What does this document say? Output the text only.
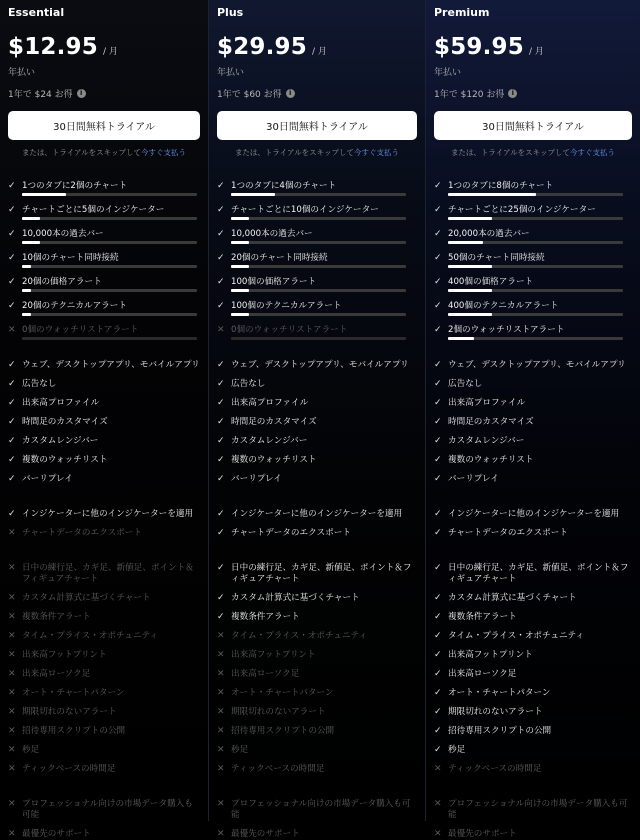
Essential
$12.95 / 月
年払い
1年で $24 お得	i
30日間無料トライアル
または、トライアルをスキップして今すぐ支払う
✓ 1つのタブに2個のチャート
✓ チャートごとに5個のインジケーター
✓ 10,000本の過去バー
✓ 10個のチャート同時接続
✓ 20個の価格アラート
✓ 20個のテクニカルアラート
✕ 0個のウォッチリストアラート
✓ ウェブ、デスクトップアプリ、モバイルアプリ
✓ 広告なし
✓ 出来高プロファイル
✓ 時間足のカスタマイズ
✓ カスタムレンジバー
✓ 複数のウォッチリスト
✓ バーリプレイ
✓ インジケーターに他のインジケーターを適用
✕ チャートデータのエクスポート
✕ 日中の練行足、カギ足、新値足、ポイント＆フィギュアチャート
✕ カスタム計算式に基づくチャート
✕ 複数条件アラート
✕ タイム・プライス・オポチュニティ
✕ 出来高フットプリント
✕ 出来高ローソク足
✕ オート・チャートパターン
✕ 期限切れのないアラート
✕ 招待専用スクリプトの公開
✕ 秒足
✕ ティックベースの時間足
✕ プロフェッショナル向けの市場データ購入も可能
✕ 最優先のサポート
Plus
$29.95 / 月
年払い
1年で $60 お得	i
30日間無料トライアル
または、トライアルをスキップして今すぐ支払う
✓ 1つのタブに4個のチャート
✓ チャートごとに10個のインジケーター
✓ 10,000本の過去バー
✓ 20個のチャート同時接続
✓ 100個の価格アラート
✓ 100個のテクニカルアラート
✕ 0個のウォッチリストアラート
✓ ウェブ、デスクトップアプリ、モバイルアプリ
✓ 広告なし
✓ 出来高プロファイル
✓ 時間足のカスタマイズ
✓ カスタムレンジバー
✓ 複数のウォッチリスト
✓ バーリプレイ
✓ インジケーターに他のインジケーターを適用
✓ チャートデータのエクスポート
✓ 日中の練行足、カギ足、新値足、ポイント＆フィギュアチャート
✓ カスタム計算式に基づくチャート
✓ 複数条件アラート
✕ タイム・プライス・オポチュニティ
✕ 出来高フットプリント
✕ 出来高ローソク足
✕ オート・チャートパターン
✕ 期限切れのないアラート
✕ 招待専用スクリプトの公開
✕ 秒足
✕ ティックベースの時間足
✕ プロフェッショナル向けの市場データ購入も可能
✕ 最優先のサポート
Premium
$59.95 / 月
年払い
1年で $120 お得	i
30日間無料トライアル
または、トライアルをスキップして今すぐ支払う
✓ 1つのタブに8個のチャート
✓ チャートごとに25個のインジケーター
✓ 20,000本の過去バー
✓ 50個のチャート同時接続
✓ 400個の価格アラート
✓ 400個のテクニカルアラート
✓ 2個のウォッチリストアラート
✓ ウェブ、デスクトップアプリ、モバイルアプリ
✓ 広告なし
✓ 出来高プロファイル
✓ 時間足のカスタマイズ
✓ カスタムレンジバー
✓ 複数のウォッチリスト
✓ バーリプレイ
✓ インジケーターに他のインジケーターを適用
✓ チャートデータのエクスポート
✓ 日中の練行足、カギ足、新値足、ポイント＆フィギュアチャート
✓ カスタム計算式に基づくチャート
✓ 複数条件アラート
✓ タイム・プライス・オポチュニティ
✓ 出来高フットプリント
✓ 出来高ローソク足
✓ オート・チャートパターン
✓ 期限切れのないアラート
✓ 招待専用スクリプトの公開
✓ 秒足
✕ ティックベースの時間足
✕ プロフェッショナル向けの市場データ購入も可能
✕ 最優先のサポート
